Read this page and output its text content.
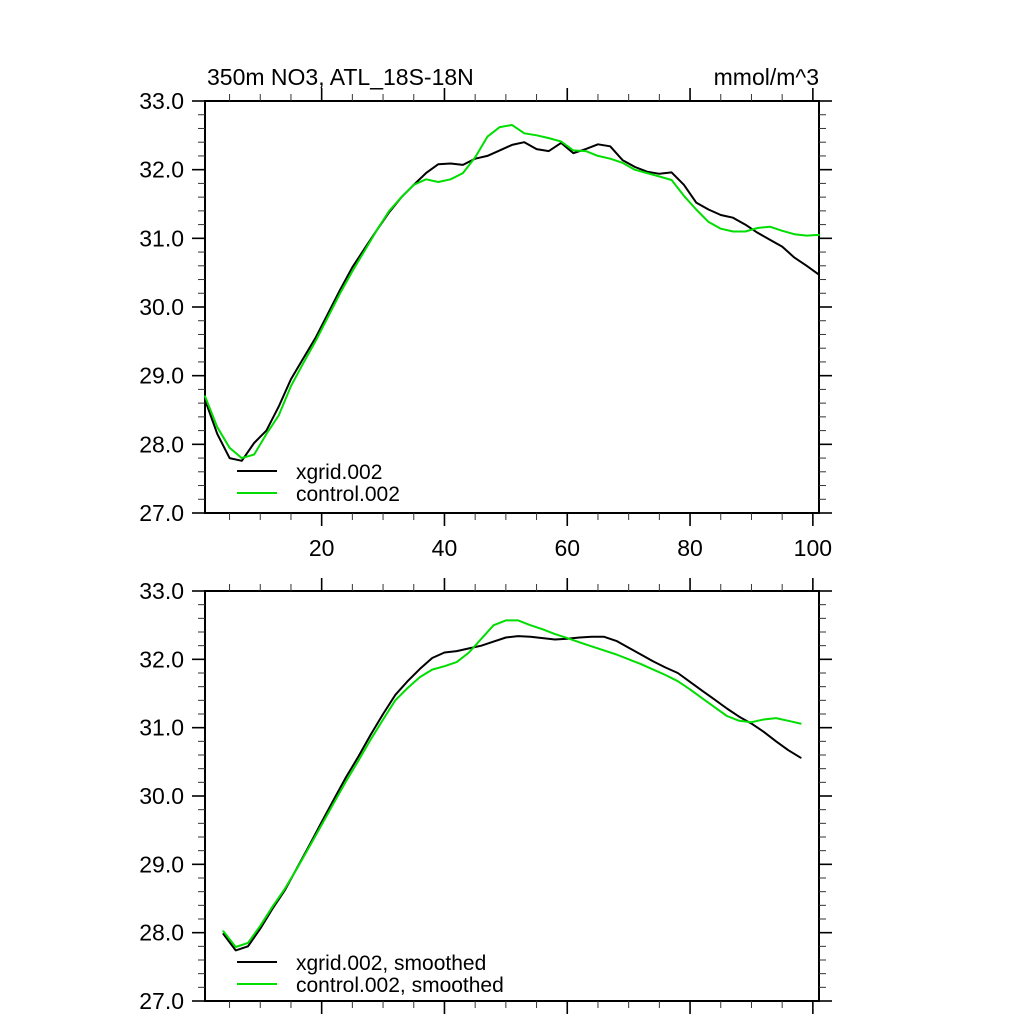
27.0
28.0
29.0
30.0
31.0
32.0
33.0
20	40	60	80	100
350m NO3, ATL_18S-18N	mmol/m^3
xgrid.002
control.002
27.0
28.0
29.0
30.0
31.0
32.0
33.0
xgrid.002, smoothed
control.002, smoothed
